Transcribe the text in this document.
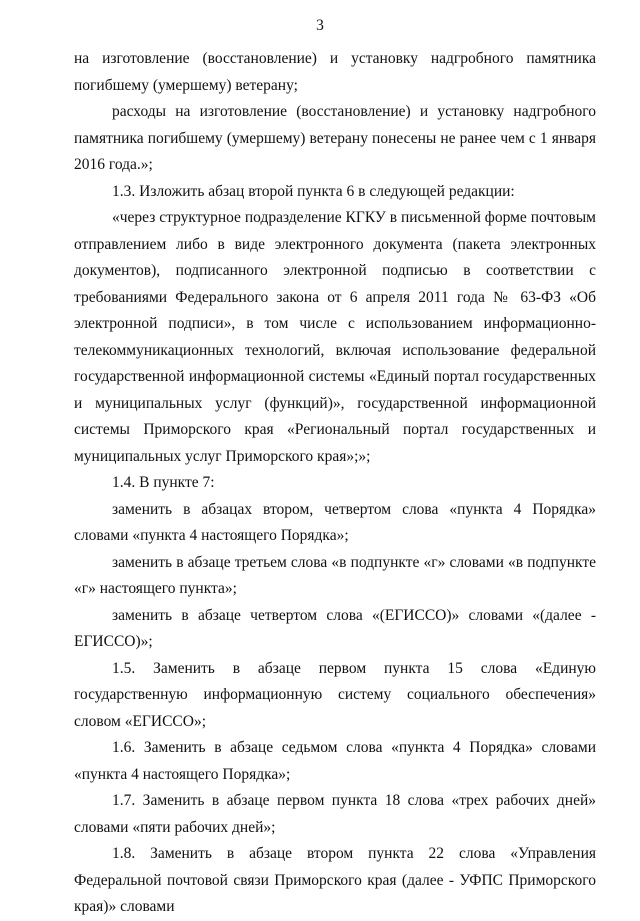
3

на изготовление (восстановление) и установку надгробного памятника погибшему (умершему) ветерану;

расходы на изготовление (восстановление) и установку надгробного памятника погибшему (умершему) ветерану понесены не ранее чем с 1 января 2016 года.»;

1.3. Изложить абзац второй пункта 6 в следующей редакции:

«через структурное подразделение КГКУ в письменной форме почтовым отправлением либо в виде электронного документа (пакета электронных документов), подписанного электронной подписью в соответствии с требованиями Федерального закона от 6 апреля 2011 года № 63-ФЗ «Об электронной подписи», в том числе с использованием информационно-телекоммуникационных технологий, включая использование федеральной государственной информационной системы «Единый портал государственных и муниципальных услуг (функций)», государственной информационной системы Приморского края «Региональный портал государственных и муниципальных услуг Приморского края»;»;

1.4. В пункте 7:

заменить в абзацах втором, четвертом слова «пункта 4 Порядка» словами «пункта 4 настоящего Порядка»;

заменить в абзаце третьем слова «в подпункте «г» словами «в подпункте «г» настоящего пункта»;

заменить в абзаце четвертом слова «(ЕГИССО)» словами «(далее - ЕГИССО)»;

1.5. Заменить в абзаце первом пункта 15 слова «Единую государственную информационную систему социального обеспечения» словом «ЕГИССО»;

1.6. Заменить в абзаце седьмом слова «пункта 4 Порядка» словами «пункта 4 настоящего Порядка»;

1.7. Заменить в абзаце первом пункта 18 слова «трех рабочих дней» словами «пяти рабочих дней»;

1.8. Заменить в абзаце втором пункта 22 слова «Управления Федеральной почтовой связи Приморского края (далее - УФПС Приморского края)» словами
